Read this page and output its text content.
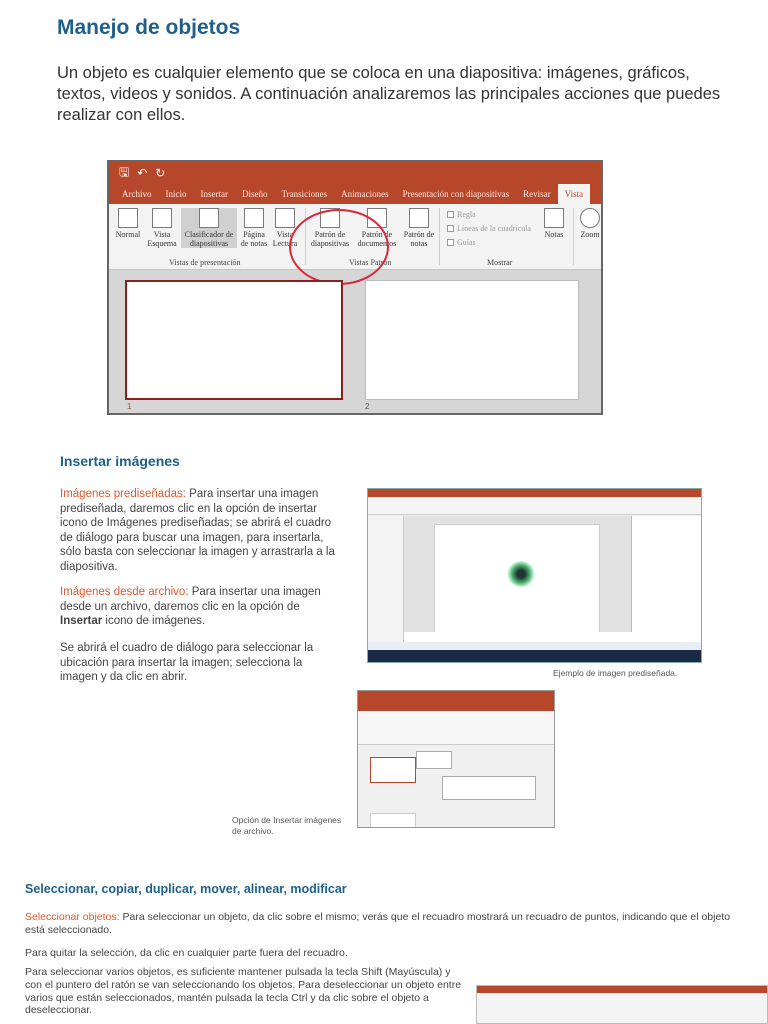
Manejo de objetos

Un objeto es cualquier elemento que se coloca en una diapositiva: imágenes, gráficos, textos, videos y sonidos. A continuación analizaremos las principales acciones que puedes realizar con ellos.

🖫 ↶ ↻
Archivo	Inicio	Insertar	Diseño	Transiciones	Animaciones	Presentación con diapositivas	Revisar	Vista
Normal	Vista Esquema
Clasificador de diapositivas
Página de notas
Vista Lectura
Vistas de presentación
Patrón de diapositivas
Patrón de documentos
Patrón de notas
Vistas Patrón
Regla
Líneas de la cuadrícula
Guías
Notas
Mostrar
Zoom
1	2
Insertar imágenes

Imágenes prediseñadas: Para insertar una imagen prediseñada, daremos clic en la opción de insertar icono de Imágenes prediseñadas; se abrirá el cuadro de diálogo para buscar una imagen, para insertarla, sólo basta con seleccionar la imagen y arrastrarla a la diapositiva.

Imágenes desde archivo: Para insertar una imagen desde un archivo, daremos clic en la opción de Insertar icono de imágenes.

Se abrirá el cuadro de diálogo para seleccionar la ubicación para insertar la imagen; selecciona la imagen y da clic en abrir.	Ejemplo de imagen prediseñada.
Opción de Insertar imágenes de archivo.
Seleccionar, copiar, duplicar, mover, alinear, modificar

Seleccionar objetos: Para seleccionar un objeto, da clic sobre el mismo; verás que el recuadro mostrará un recuadro de puntos, indicando que el objeto está seleccionado.

Para quitar la selección, da clic en cualquier parte fuera del recuadro.

Para seleccionar varios objetos, es suficiente mantener pulsada la tecla Shift (Mayúscula) y con el puntero del ratón se van seleccionando los objetos. Para deseleccionar un objeto entre varios que están seleccionados, mantén pulsada la tecla Ctrl y da clic sobre el objeto a deseleccionar.
